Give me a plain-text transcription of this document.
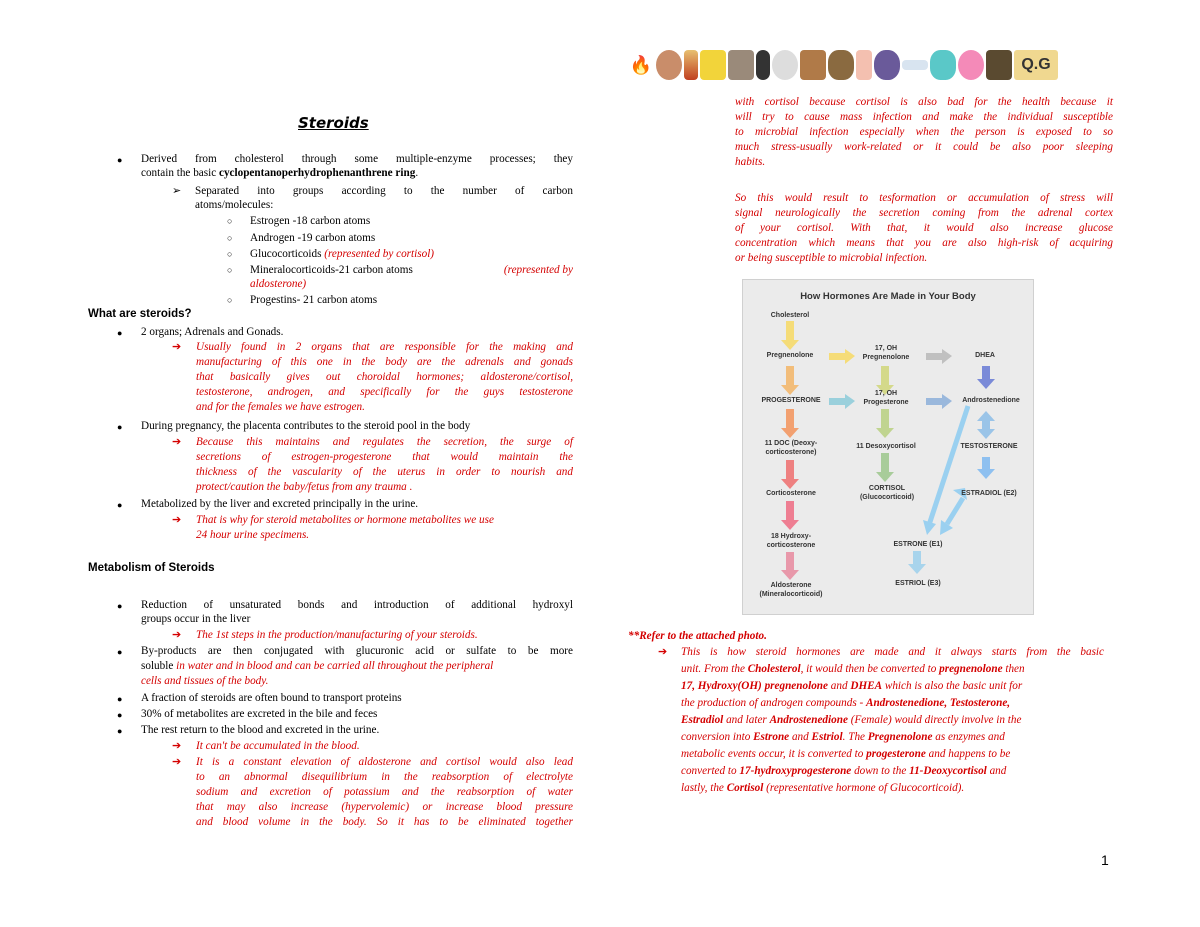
🔥	Q.G
Steroids
● Derived from cholesterol through some multiple-enzyme processes; they
contain the basic cyclopentanoperhydrophenanthrene ring.
➢ Separated into groups according to the number of carbon
atoms/molecules:
○ Estrogen -18 carbon atoms
○ Androgen -19 carbon atoms
○ Glucocorticoids (represented by cortisol)
○ Mineralocorticoids-21 carbon atoms	(represented by
aldosterone)
○ Progestins- 21 carbon atoms
What are steroids?
● 2 organs; Adrenals and Gonads.
➔ Usually found in 2 organs that are responsible for the making and
manufacturing of this one in the body are the adrenals and gonads
that basically gives out choroidal hormones; aldosterone/cortisol,
testosterone, androgen, and specifically for the guys testosterone
and for the females we have estrogen.
● During pregnancy, the placenta contributes to the steroid pool in the body
➔ Because this maintains and regulates the secretion, the surge of
secretions of estrogen-progesterone that would maintain the
thickness of the vascularity of the uterus in order to nourish and
protect/caution the baby/fetus from any trauma .
● Metabolized by the liver and excreted principally in the urine.
➔ That is why for steroid metabolites or hormone metabolites we use
24 hour urine specimens.
Metabolism of Steroids
● Reduction of unsaturated bonds and introduction of additional hydroxyl
groups occur in the liver
➔ The 1st steps in the production/manufacturing of your steroids.
● By-products are then conjugated with glucuronic acid or sulfate to be more
soluble in water and in blood and can be carried all throughout the peripheral
cells and tissues of the body.
● A fraction of steroids are often bound to transport proteins
● 30% of metabolites are excreted in the bile and feces
● The rest return to the blood and excreted in the urine.
➔ It can't be accumulated in the blood.
➔ It is a constant elevation of aldosterone and cortisol would also lead
to an abnormal disequilibrium in the reabsorption of electrolyte
sodium and excretion of potassium and the reabsorption of water
that may also increase (hypervolemic) or increase blood pressure
and blood volume in the body. So it has to be eliminated together
with cortisol because cortisol is also bad for the health because it
will try to cause mass infection and make the individual susceptible
to microbial infection especially when the person is exposed to so
much stress-usually work-related or it could be also poor sleeping
habits.
So this would result to tesformation or accumulation of stress will
signal neurologically the secretion coming from the adrenal cortex
of your cortisol. With that, it would also increase glucose
concentration which means that you are also high-risk of acquiring
or being susceptible to microbial infection.
How Hormones Are Made in Your Body
Cholesterol
Pregnenolone
17, OH
Pregnenolone	DHEA
PROGESTERONE
17, OH
Progesterone	Androstenedione
11 DOC (Deoxy-
corticosterone)
11 Desoxycortisol	TESTOSTERONE
Corticosterone
CORTISOL
(Glucocorticoid)	ESTRADIOL (E2)
18 Hydroxy-
corticosterone	ESTRONE (E1)
Aldosterone
(Mineralocorticoid)
ESTRIOL (E3)
**Refer to the attached photo.
➔ This is how steroid hormones are made and it always starts from the basic
unit. From the Cholesterol, it would then be converted to pregnenolone then
17, Hydroxy(OH) pregnenolone and DHEA which is also the basic unit for
the production of androgen compounds - Androstenedione, Testosterone,
Estradiol and later Androstenedione (Female) would directly involve in the
conversion into Estrone and Estriol. The Pregnenolone as enzymes and
metabolic events occur, it is converted to progesterone and happens to be
converted to 17-hydroxyprogesterone down to the 11-Deoxycortisol and
lastly, the Cortisol (representative hormone of Glucocorticoid).
1
